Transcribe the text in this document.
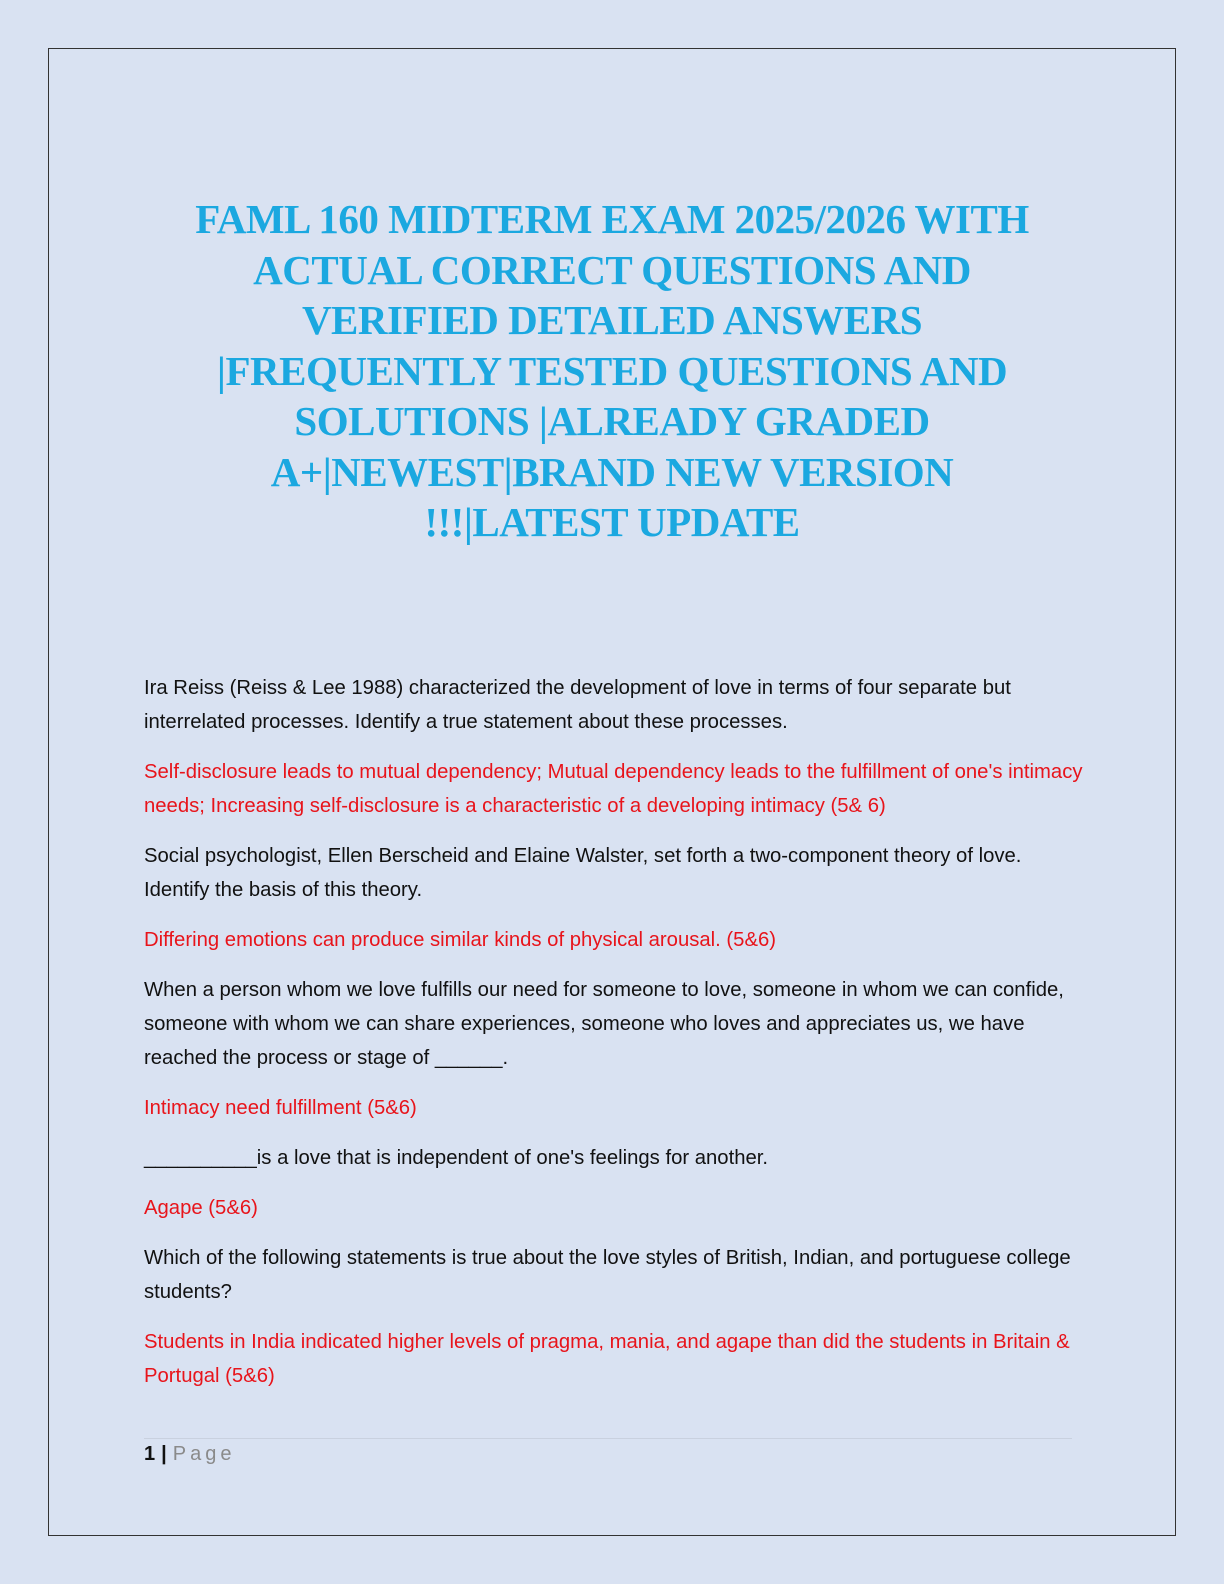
FAML 160 MIDTERM EXAM 2025/2026 WITH
ACTUAL CORRECT QUESTIONS AND
VERIFIED DETAILED ANSWERS
|FREQUENTLY TESTED QUESTIONS AND
SOLUTIONS |ALREADY GRADED
A+|NEWEST|BRAND NEW VERSION
!!!|LATEST UPDATE

Ira Reiss (Reiss & Lee 1988) characterized the development of love in terms of four separate but interrelated processes. Identify a true statement about these processes.

Self-disclosure leads to mutual dependency; Mutual dependency leads to the fulfillment of one's intimacy needs; Increasing self-disclosure is a characteristic of a developing intimacy (5& 6)

Social psychologist, Ellen Berscheid and Elaine Walster, set forth a two-component theory of love. Identify the basis of this theory.

Differing emotions can produce similar kinds of physical arousal. (5&6)

When a person whom we love fulfills our need for someone to love, someone in whom we can confide, someone with whom we can share experiences, someone who loves and appreciates us, we have reached the process or stage of ______.

Intimacy need fulfillment (5&6)

__________is a love that is independent of one's feelings for another.

Agape (5&6)

Which of the following statements is true about the love styles of British, Indian, and portuguese college students?

Students in India indicated higher levels of pragma, mania, and agape than did the students in Britain & Portugal (5&6)

1 | Page
